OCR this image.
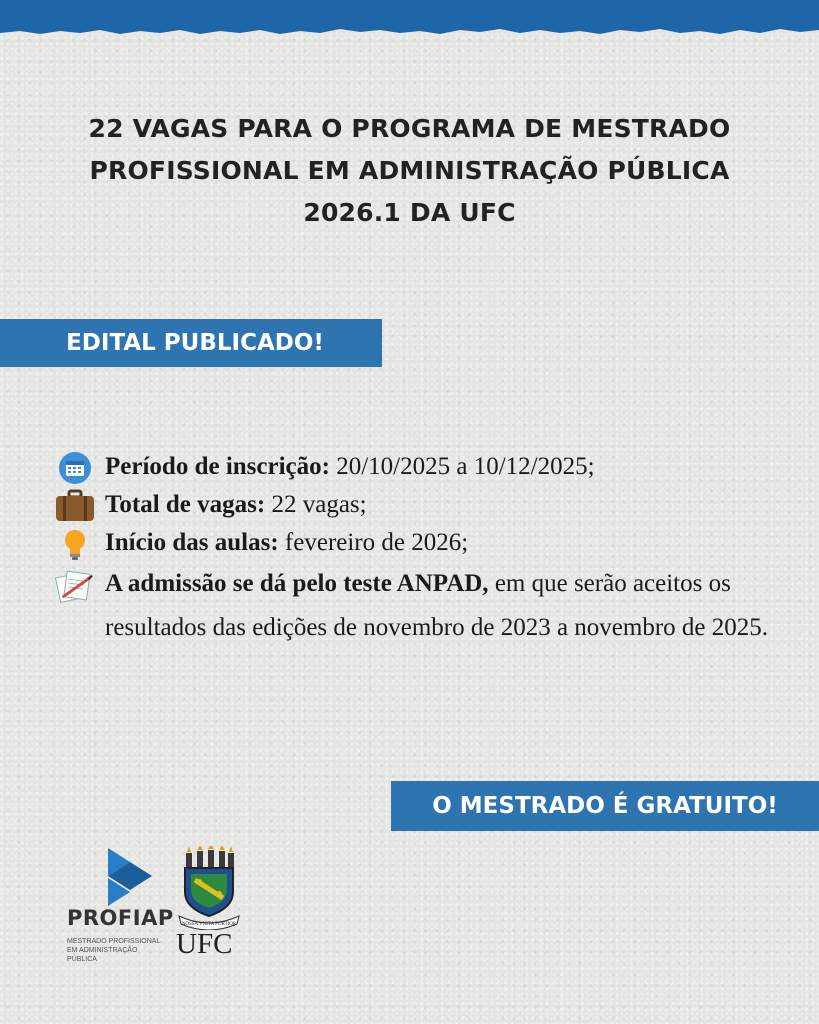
22 VAGAS PARA O PROGRAMA DE MESTRADO
PROFISSIONAL EM ADMINISTRAÇÃO PÚBLICA
2026.1 DA UFC
EDITAL PUBLICADO!
Período de inscrição: 20/10/2025 a 10/12/2025;
Total de vagas: 22 vagas;
Início das aulas: fevereiro de 2026;
A admissão se dá pelo teste ANPAD, em que serão aceitos os resultados das edições de novembro de 2023 a novembro de 2025.
O MESTRADO É GRATUITO!
PROFIAP
MESTRADO PROFISSIONAL EM ADMINISTRAÇÃO PÚBLICA
NOSSA VNITA FORTIOR
UFC
